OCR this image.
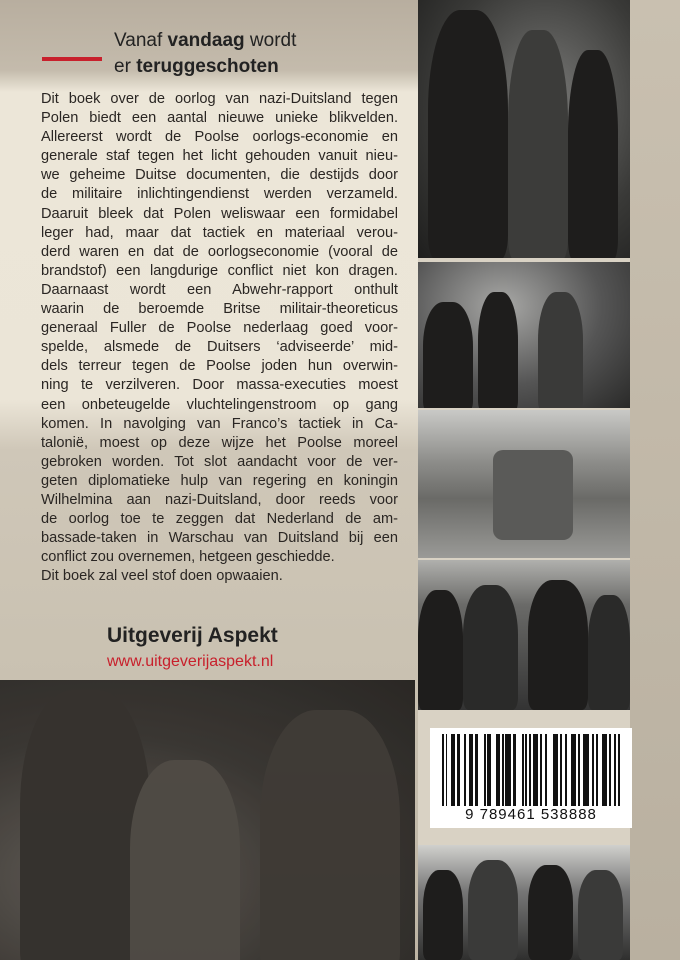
Vanaf vandaag wordt
er teruggeschoten
Dit boek over de oorlog van nazi-Duitsland tegen
Polen biedt een aantal nieuwe unieke blikvelden.
Allereerst wordt de Poolse oorlogs-economie en
generale staf tegen het licht gehouden vanuit nieu-
we geheime Duitse documenten, die destijds door
de militaire inlichtingendienst werden verzameld.
Daaruit bleek dat Polen weliswaar een formidabel
leger had, maar dat tactiek en materiaal verou-
derd waren en dat de oorlogseconomie (vooral de
brandstof) een langdurige conflict niet kon dragen.
Daarnaast wordt een Abwehr-rapport onthult
waarin de beroemde Britse militair-theoreticus
generaal Fuller de Poolse nederlaag goed voor-
spelde, alsmede de Duitsers ‘adviseerde’ mid-
dels terreur tegen de Poolse joden hun overwin-
ning te verzilveren. Door massa-executies moest
een onbeteugelde vluchtelingenstroom op gang
komen. In navolging van Franco’s tactiek in Ca-
talonië, moest op deze wijze het Poolse moreel
gebroken worden. Tot slot aandacht voor de ver-
geten diplomatieke hulp van regering en koningin
Wilhelmina aan nazi-Duitsland, door reeds voor
de oorlog toe te zeggen dat Nederland de am-
bassade-taken in Warschau van Duitsland bij een
conflict zou overnemen, hetgeen geschiedde.
Dit boek zal veel stof doen opwaaien.
Uitgeverij Aspekt
www.uitgeverijaspekt.nl
9 789461 538888
